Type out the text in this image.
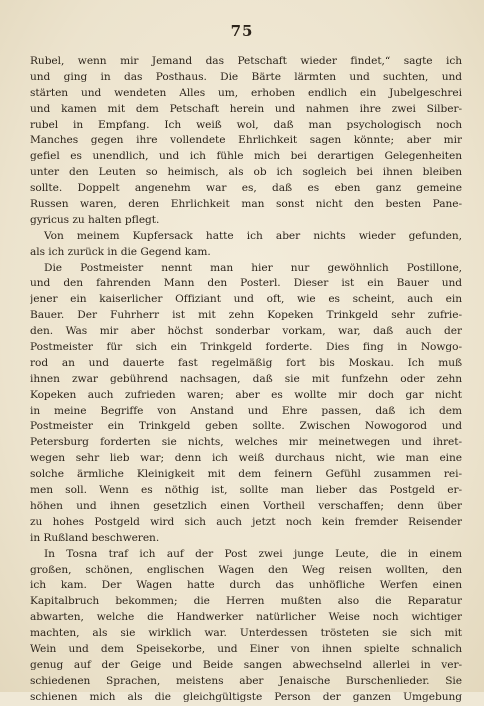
75
Rubel, wenn mir Jemand das Petschaft wieder findet,“ sagte ich
und ging in das Posthaus. Die Bärte lärmten und suchten, und
stärten und wendeten Alles um, erhoben endlich ein Jubelgeschrei
und kamen mit dem Petschaft herein und nahmen ihre zwei Silber-
rubel in Empfang. Ich weiß wol, daß man psychologisch noch
Manches gegen ihre vollendete Ehrlichkeit sagen könnte; aber mir
gefiel es unendlich, und ich fühle mich bei derartigen Gelegenheiten
unter den Leuten so heimisch, als ob ich sogleich bei ihnen bleiben
sollte. Doppelt angenehm war es, daß es eben ganz gemeine
Russen waren, deren Ehrlichkeit man sonst nicht den besten Pane-
gyricus zu halten pflegt.
Von meinem Kupfersack hatte ich aber nichts wieder gefunden,
als ich zurück in die Gegend kam.
Die Postmeister nennt man hier nur gewöhnlich Postillone,
und den fahrenden Mann den Posterl. Dieser ist ein Bauer und
jener ein kaiserlicher Offiziant und oft, wie es scheint, auch ein
Bauer. Der Fuhrherr ist mit zehn Kopeken Trinkgeld sehr zufrie-
den. Was mir aber höchst sonderbar vorkam, war, daß auch der
Postmeister für sich ein Trinkgeld forderte. Dies fing in Nowgo-
rod an und dauerte fast regelmäßig fort bis Moskau. Ich muß
ihnen zwar gebührend nachsagen, daß sie mit funfzehn oder zehn
Kopeken auch zufrieden waren; aber es wollte mir doch gar nicht
in meine Begriffe von Anstand und Ehre passen, daß ich dem
Postmeister ein Trinkgeld geben sollte. Zwischen Nowogorod und
Petersburg forderten sie nichts, welches mir meinetwegen und ihret-
wegen sehr lieb war; denn ich weiß durchaus nicht, wie man eine
solche ärmliche Kleinigkeit mit dem feinern Gefühl zusammen rei-
men soll. Wenn es nöthig ist, sollte man lieber das Postgeld er-
höhen und ihnen gesetzlich einen Vortheil verschaffen; denn über
zu hohes Postgeld wird sich auch jetzt noch kein fremder Reisender
in Rußland beschweren.
In Tosna traf ich auf der Post zwei junge Leute, die in einem
großen, schönen, englischen Wagen den Weg reisen wollten, den
ich kam. Der Wagen hatte durch das unhöfliche Werfen einen
Kapitalbruch bekommen; die Herren mußten also die Reparatur
abwarten, welche die Handwerker natürlicher Weise noch wichtiger
machten, als sie wirklich war. Unterdessen trösteten sie sich mit
Wein und dem Speisekorbe, und Einer von ihnen spielte schnalich
genug auf der Geige und Beide sangen abwechselnd allerlei in ver-
schiedenen Sprachen, meistens aber Jenaische Burschenlieder. Sie
schienen mich als die gleichgültigste Person der ganzen Umgebung
